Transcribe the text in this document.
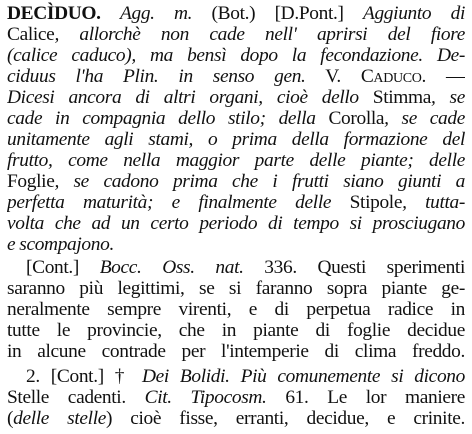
DECÌDUO. Agg. m. (Bot.) [D.Pont.] Aggiunto di
Calice, allorchè non cade nell' aprirsi del fiore
(calice caduco), ma bensì dopo la fecondazione. De-
ciduus l'ha Plin. in senso gen. V. Caduco. —
Dicesi ancora di altri organi, cioè dello Stimma, se
cade in compagnia dello stilo; della Corolla, se cade
unitamente agli stami, o prima della formazione del
frutto, come nella maggior parte delle piante; delle
Foglie, se cadono prima che i frutti siano giunti a
perfetta maturità; e finalmente delle Stipole, tutta-
volta che ad un certo periodo di tempo si prosciugano
e scompajono.
[Cont.] Bocc. Oss. nat. 336. Questi sperimenti
saranno più legittimi, se si faranno sopra piante ge-
neralmente sempre virenti, e di perpetua radice in
tutte le provincie, che in piante di foglie decidue
in alcune contrade per l'intemperie di clima freddo.
2. [Cont.] † Dei Bolidi. Più comunemente si dicono
Stelle cadenti. Cit. Tipocosm. 61. Le lor maniere
(delle stelle) cioè fisse, erranti, decidue, e crinite.
